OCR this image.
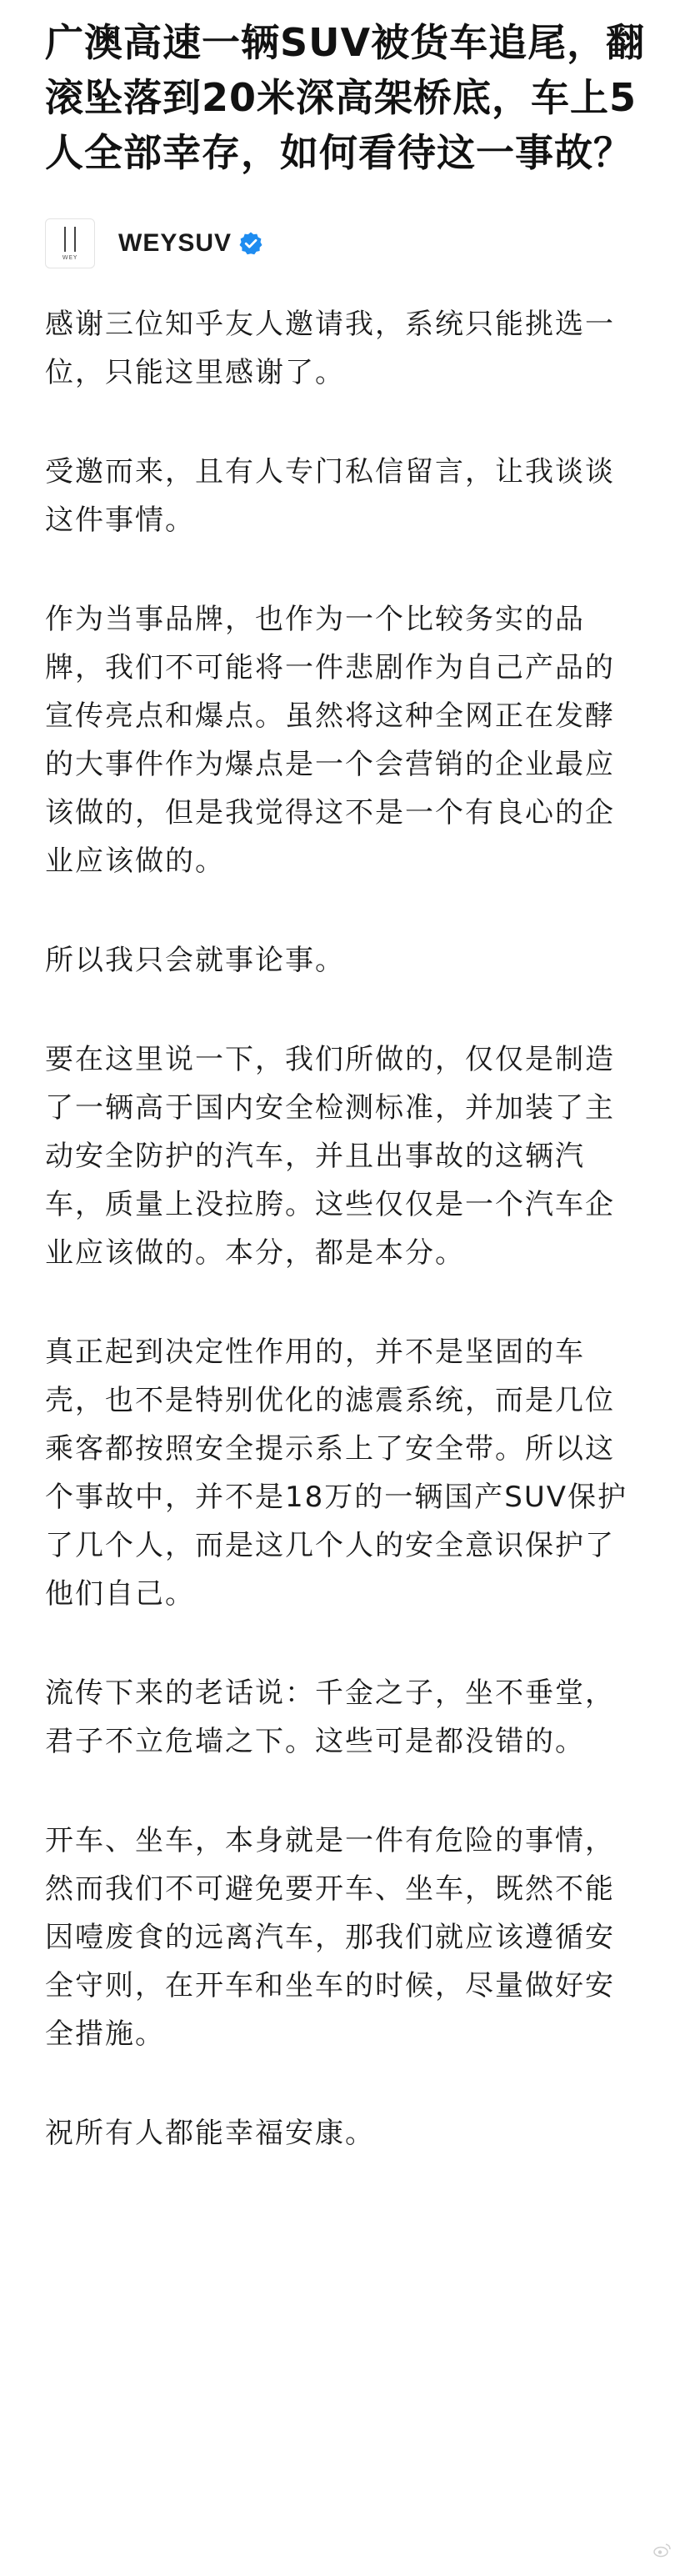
广澳高速一辆SUV被货车追尾，翻滚坠落到20米深高架桥底，车上5人全部幸存，如何看待这一事故？
WEY
WEYSUV

感谢三位知乎友人邀请我，系统只能挑选一位，只能这里感谢了。

受邀而来，且有人专门私信留言，让我谈谈这件事情。

作为当事品牌，也作为一个比较务实的品牌，我们不可能将一件悲剧作为自己产品的宣传亮点和爆点。虽然将这种全网正在发酵的大事件作为爆点是一个会营销的企业最应该做的，但是我觉得这不是一个有良心的企业应该做的。

所以我只会就事论事。

要在这里说一下，我们所做的，仅仅是制造了一辆高于国内安全检测标准，并加装了主动安全防护的汽车，并且出事故的这辆汽车，质量上没拉胯。这些仅仅是一个汽车企业应该做的。本分，都是本分。

真正起到决定性作用的，并不是坚固的车壳，也不是特别优化的滤震系统，而是几位乘客都按照安全提示系上了安全带。所以这个事故中，并不是18万的一辆国产SUV保护了几个人，而是这几个人的安全意识保护了他们自己。

流传下来的老话说：千金之子，坐不垂堂，君子不立危墙之下。这些可是都没错的。

开车、坐车，本身就是一件有危险的事情，然而我们不可避免要开车、坐车，既然不能因噎废食的远离汽车，那我们就应该遵循安全守则，在开车和坐车的时候，尽量做好安全措施。

祝所有人都能幸福安康。
